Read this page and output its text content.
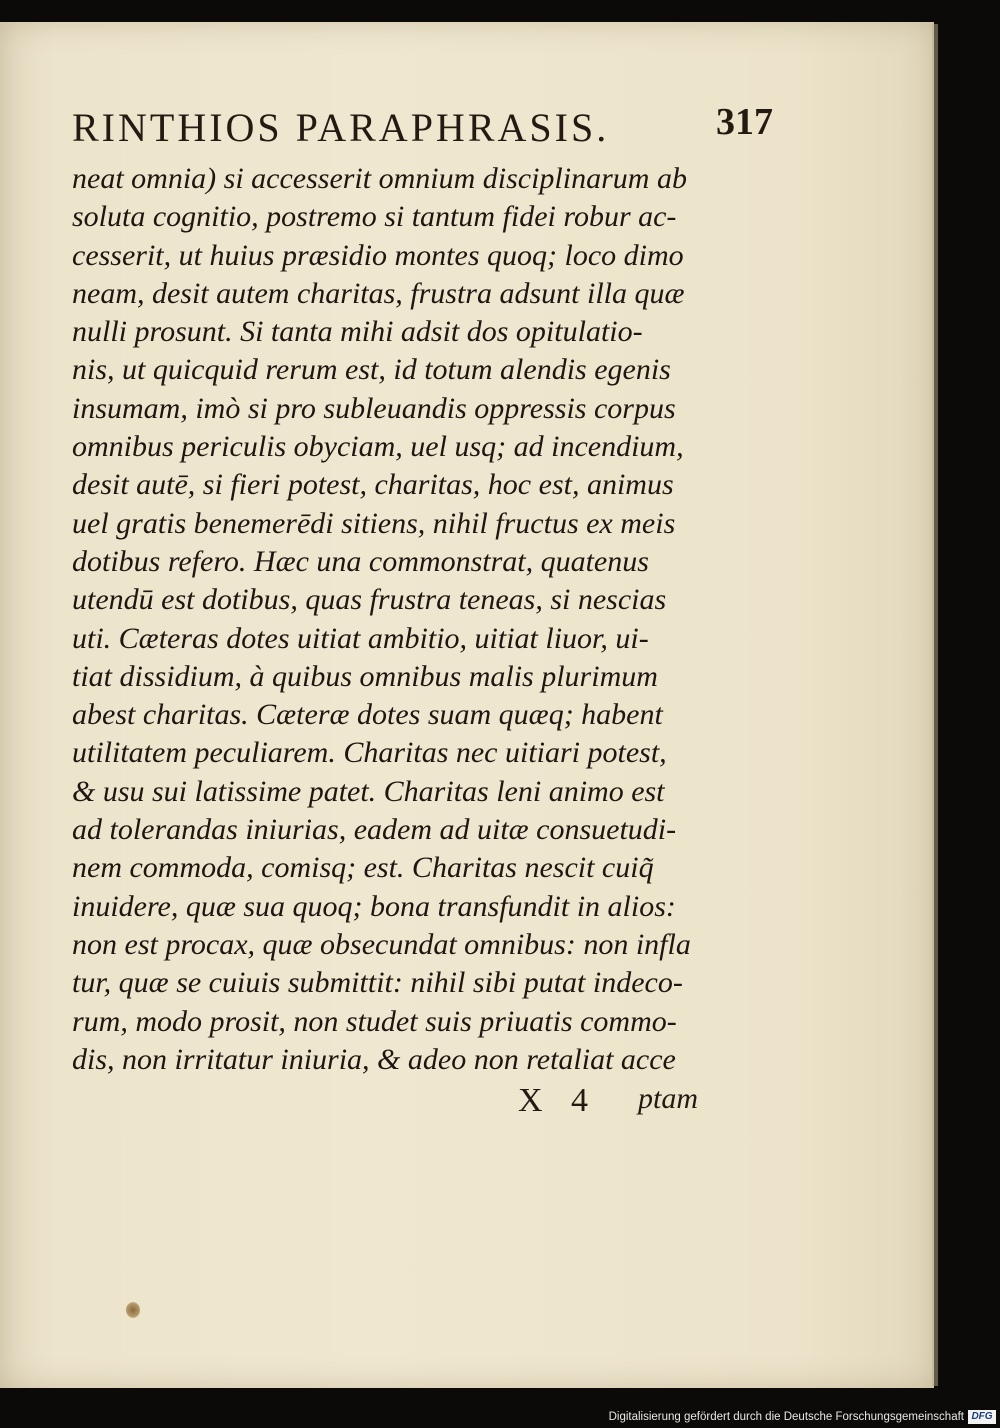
RINTHIOS PARAPHRASIS.	317
neat omnia) si accesserit omnium disciplinarum ab
soluta cognitio, postremo si tantum fidei robur ac-
cesserit, ut huius præsidio montes quoq; loco dimo
neam, desit autem charitas, frustra adsunt illa quæ
nulli prosunt. Si tanta mihi adsit dos opitulatio-
nis, ut quicquid rerum est, id totum alendis egenis
insumam, imò si pro subleuandis oppressis corpus
omnibus periculis obyciam, uel usq; ad incendium,
desit autē, si fieri potest, charitas, hoc est, animus
uel gratis benemerēdi sitiens, nihil fructus ex meis
dotibus refero. Hæc una commonstrat, quatenus
utendū est dotibus, quas frustra teneas, si nescias
uti. Cæteras dotes uitiat ambitio, uitiat liuor, ui-
tiat dissidium, à quibus omnibus malis plurimum
abest charitas. Cæteræ dotes suam quæq; habent
utilitatem peculiarem. Charitas nec uitiari potest,
& usu sui latissime patet. Charitas leni animo est
ad tolerandas iniurias, eadem ad uitæ consuetudi-
nem commoda, comisq; est. Charitas nescit cuiq̃
inuidere, quæ sua quoq; bona transfundit in alios:
non est procax, quæ obsecundat omnibus: non infla
tur, quæ se cuiuis submittit: nihil sibi putat indeco-
rum, modo prosit, non studet suis priuatis commo-
dis, non irritatur iniuria, & adeo non retaliat acce
X 4	ptam
Digitalisierung gefördert durch die Deutsche Forschungsgemeinschaft DFG
